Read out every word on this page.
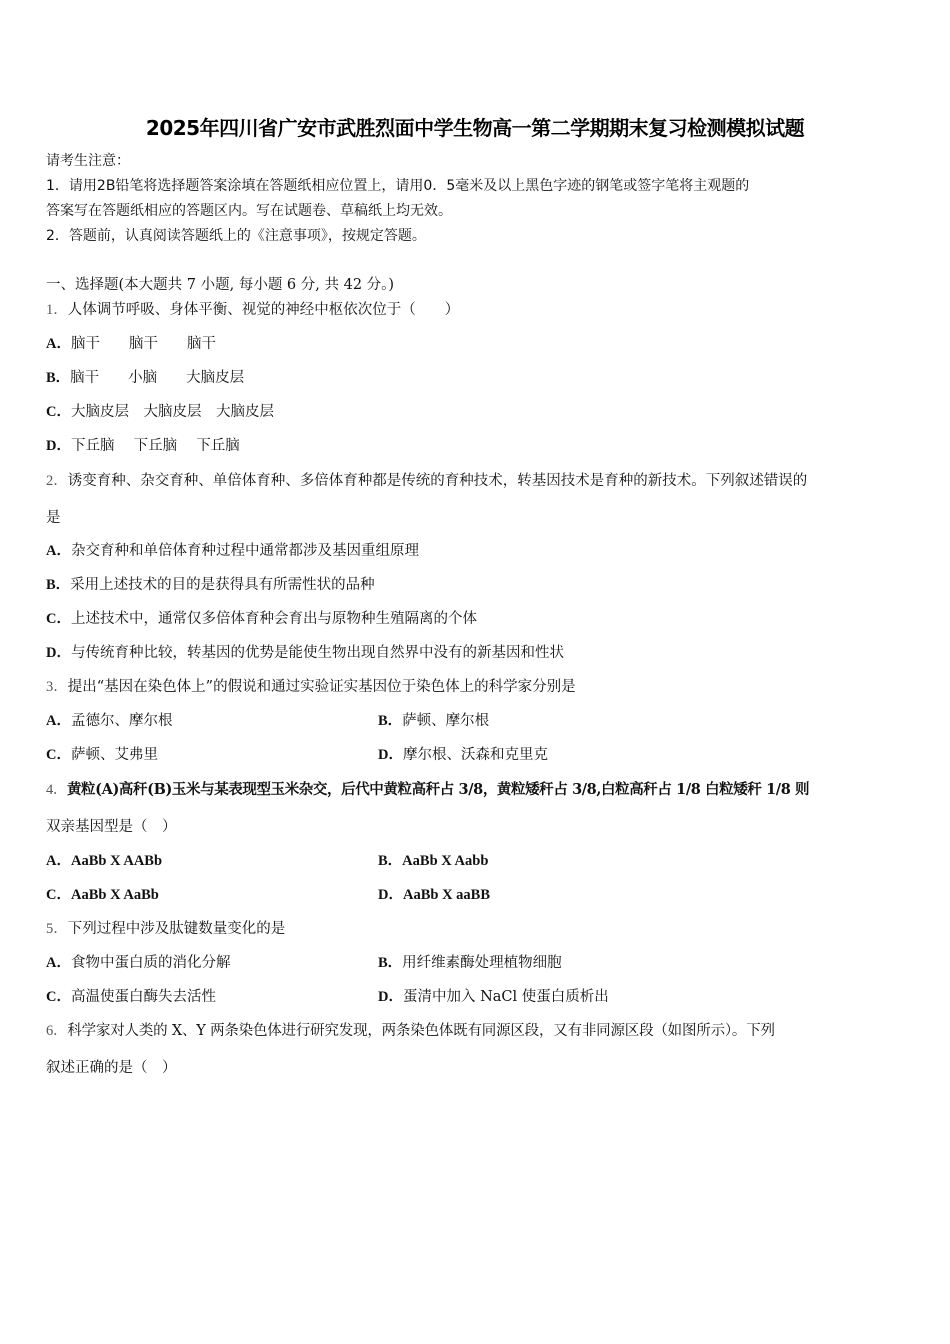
2025年四川省广安市武胜烈面中学生物高一第二学期期末复习检测模拟试题
请考生注意：
1．请用2B铅笔将选择题答案涂填在答题纸相应位置上，请用0．5毫米及以上黑色字迹的钢笔或签字笔将主观题的
答案写在答题纸相应的答题区内。写在试题卷、草稿纸上均无效。
2．答题前，认真阅读答题纸上的《注意事项》，按规定答题。
一、选择题(本大题共 7 小题, 每小题 6 分, 共 42 分。)
1．人体调节呼吸、身体平衡、视觉的神经中枢依次位于（　　）
A．脑干　　脑干　　脑干
B．脑干　　小脑　　大脑皮层
C．大脑皮层　大脑皮层　大脑皮层
D．下丘脑　 下丘脑　 下丘脑
2．诱变育种、杂交育种、单倍体育种、多倍体育种都是传统的育种技术，转基因技术是育种的新技术。下列叙述错误的
是
A．杂交育种和单倍体育种过程中通常都涉及基因重组原理
B．采用上述技术的目的是获得具有所需性状的品种
C．上述技术中，通常仅多倍体育种会育出与原物种生殖隔离的个体
D．与传统育种比较，转基因的优势是能使生物出现自然界中没有的新基因和性状
3．提出“基因在染色体上”的假说和通过实验证实基因位于染色体上的科学家分别是
A．孟德尔、摩尔根	B．萨顿、摩尔根
C．萨顿、艾弗里	D．摩尔根、沃森和克里克
4．黄粒(A)高秆(B)玉米与某表现型玉米杂交，后代中黄粒高秆占 3/8，黄粒矮秆占 3/8,白粒高秆占 1/8 白粒矮秆 1/8 则
双亲基因型是（　）
A．AaBb X AABb	B．AaBb X Aabb
C．AaBb X AaBb	D．AaBb X aaBB
5．下列过程中涉及肽键数量变化的是
A．食物中蛋白质的消化分解	B．用纤维素酶处理植物细胞
C．高温使蛋白酶失去活性	D．蛋清中加入 NaCl 使蛋白质析出
6．科学家对人类的 X、Y 两条染色体进行研究发现，两条染色体既有同源区段，又有非同源区段（如图所示）。下列
叙述正确的是（　）
